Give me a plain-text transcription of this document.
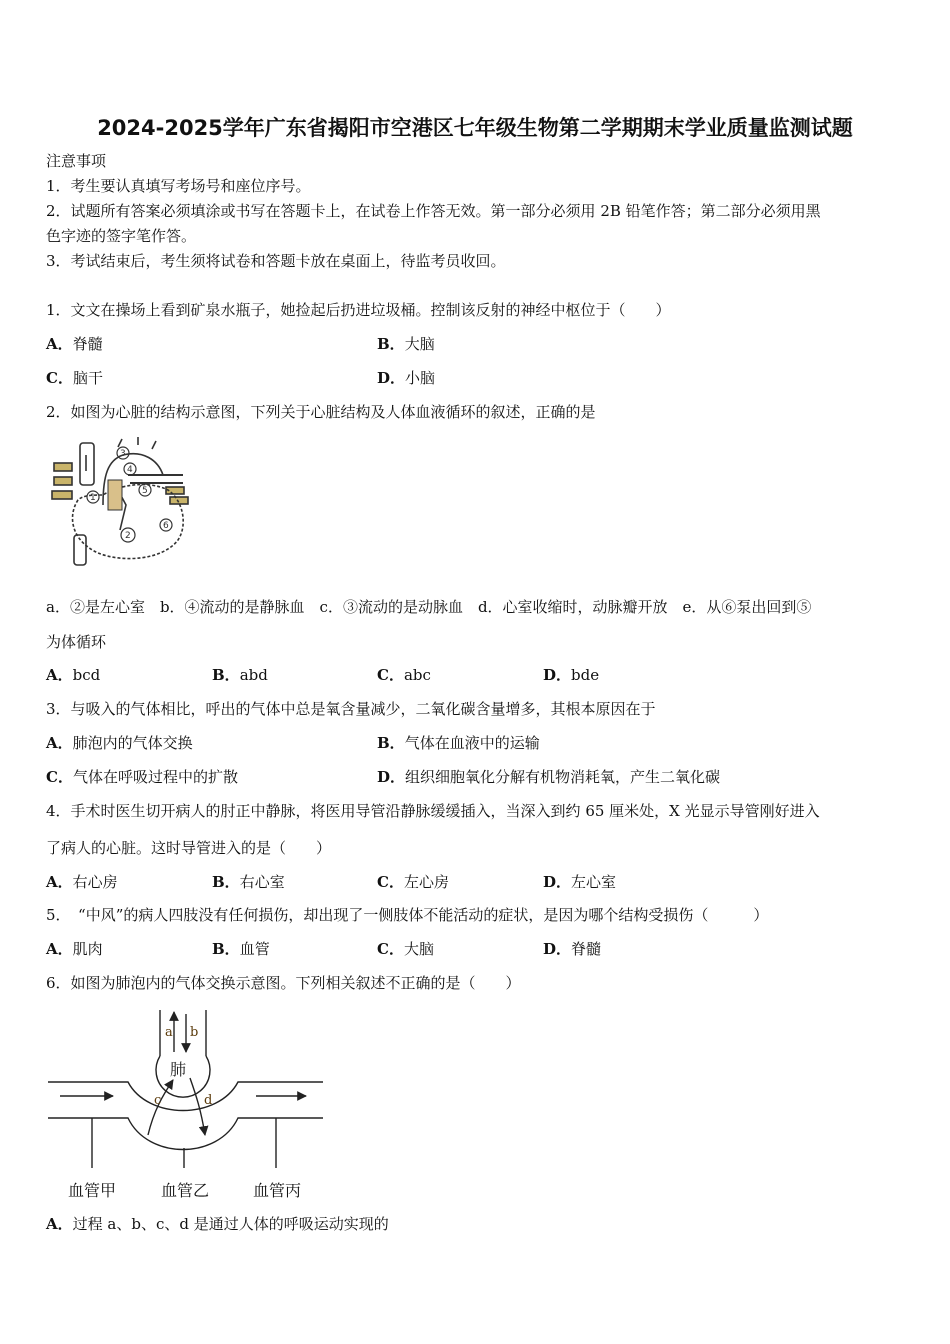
2024-2025学年广东省揭阳市空港区七年级生物第二学期期末学业质量监测试题
注意事项
1．考生要认真填写考场号和座位序号。
2．试题所有答案必须填涂或书写在答题卡上，在试卷上作答无效。第一部分必须用 2B 铅笔作答；第二部分必须用黑
色字迹的签字笔作答。
3．考试结束后，考生须将试卷和答题卡放在桌面上，待监考员收回。
1．文文在操场上看到矿泉水瓶子，她捡起后扔进垃圾桶。控制该反射的神经中枢位于（　　）
A．脊髓	B．大脑
C．脑干	D．小脑
2．如图为心脏的结构示意图，下列关于心脏结构及人体血液循环的叙述，正确的是
3
4
1
5
2
6
a．②是左心室　b．④流动的是静脉血　c．③流动的是动脉血　d．心室收缩时，动脉瓣开放　e．从⑥泵出回到⑤
为体循环
A．bcd	B．abd	C．abc	D．bde
3．与吸入的气体相比，呼出的气体中总是氧含量减少，二氧化碳含量增多，其根本原因在于
A．肺泡内的气体交换	B．气体在血液中的运输
C．气体在呼吸过程中的扩散	D．组织细胞氧化分解有机物消耗氧，产生二氧化碳
4．手术时医生切开病人的肘正中静脉，将医用导管沿静脉缓缓插入，当深入到约 65 厘米处，X 光显示导管刚好进入
了病人的心脏。这时导管进入的是（　　）
A．右心房	B．右心室	C．左心房	D．左心室
5．　“中风”的病人四肢没有任何损伤，却出现了一侧肢体不能活动的症状，是因为哪个结构受损伤（　　　）
A．肌肉	B．血管	C．大脑	D．脊髓
6．如图为肺泡内的气体交换示意图。下列相关叙述不正确的是（　　）
a b
c	d
肺
血管甲	血管乙	血管丙
A．过程 a、b、c、d 是通过人体的呼吸运动实现的
